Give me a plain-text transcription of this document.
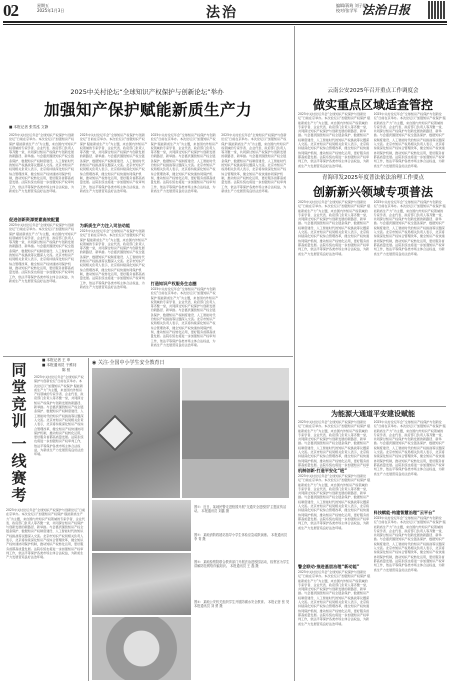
02	星期五
2025年1月3日	法治	编辑/蒋筠 刘子阳
校对/张学军 法治日报
2025中关村论坛“全球知识产权保护与创新论坛”举办
加强知产保护赋能新质生产力
■ 本报记者 张雪泓 文静
2025中关村论坛年会“全球知识产权保护与创新论坛”日前在京举办。本次论坛以“加强知识产权保护 赋能新质生产力”为主题，来自国内外知识产权领域的专家学者、企业代表、政府部门负责人等齐聚一堂，共同探讨知识产权保护与创新发展的新路径、新举措。与会嘉宾围绕知识产权全链条保护、数据知识产权制度建设、人工智能时代的知识产权挑战等议题深入交流。北京市知识产权局相关负责人表示，北京将持续深化知识产权综合管理改革，健全知识产权快速协同保护机制，推动知识产权转化运用，更好服务首都高质量发展。法院系统也将进一步加强知识产权审判工作，依法平等保护各类市场主体合法权益，为新质生产力发展营造良好法治环境。
促进创新资源要素高效配置
2025中关村论坛年会“全球知识产权保护与创新论坛”日前在京举办。本次论坛以“加强知识产权保护 赋能新质生产力”为主题，来自国内外知识产权领域的专家学者、企业代表、政府部门负责人等齐聚一堂，共同探讨知识产权保护与创新发展的新路径、新举措。与会嘉宾围绕知识产权全链条保护、数据知识产权制度建设、人工智能时代的知识产权挑战等议题深入交流。北京市知识产权局相关负责人表示，北京将持续深化知识产权综合管理改革，健全知识产权快速协同保护机制，推动知识产权转化运用，更好服务首都高质量发展。法院系统也将进一步加强知识产权审判工作，依法平等保护各类市场主体合法权益，为新质生产力发展营造良好法治环境。
2025中关村论坛年会“全球知识产权保护与创新论坛”日前在京举办。本次论坛以“加强知识产权保护 赋能新质生产力”为主题，来自国内外知识产权领域的专家学者、企业代表、政府部门负责人等齐聚一堂，共同探讨知识产权保护与创新发展的新路径、新举措。与会嘉宾围绕知识产权全链条保护、数据知识产权制度建设、人工智能时代的知识产权挑战等议题深入交流。北京市知识产权局相关负责人表示，北京将持续深化知识产权综合管理改革，健全知识产权快速协同保护机制，推动知识产权转化运用，更好服务首都高质量发展。法院系统也将进一步加强知识产权审判工作，依法平等保护各类市场主体合法权益，为新质生产力发展营造良好法治环境。
为新质生产力注入司法动能
2025中关村论坛年会“全球知识产权保护与创新论坛”日前在京举办。本次论坛以“加强知识产权保护 赋能新质生产力”为主题，来自国内外知识产权领域的专家学者、企业代表、政府部门负责人等齐聚一堂，共同探讨知识产权保护与创新发展的新路径、新举措。与会嘉宾围绕知识产权全链条保护、数据知识产权制度建设、人工智能时代的知识产权挑战等议题深入交流。北京市知识产权局相关负责人表示，北京将持续深化知识产权综合管理改革，健全知识产权快速协同保护机制，推动知识产权转化运用，更好服务首都高质量发展。法院系统也将进一步加强知识产权审判工作，依法平等保护各类市场主体合法权益，为新质生产力发展营造良好法治环境。
2025中关村论坛年会“全球知识产权保护与创新论坛”日前在京举办。本次论坛以“加强知识产权保护 赋能新质生产力”为主题，来自国内外知识产权领域的专家学者、企业代表、政府部门负责人等齐聚一堂，共同探讨知识产权保护与创新发展的新路径、新举措。与会嘉宾围绕知识产权全链条保护、数据知识产权制度建设、人工智能时代的知识产权挑战等议题深入交流。北京市知识产权局相关负责人表示，北京将持续深化知识产权综合管理改革，健全知识产权快速协同保护机制，推动知识产权转化运用，更好服务首都高质量发展。法院系统也将进一步加强知识产权审判工作，依法平等保护各类市场主体合法权益，为新质生产力发展营造良好法治环境。
打造知识产权服务生态圈
2025中关村论坛年会“全球知识产权保护与创新论坛”日前在京举办。本次论坛以“加强知识产权保护 赋能新质生产力”为主题，来自国内外知识产权领域的专家学者、企业代表、政府部门负责人等齐聚一堂，共同探讨知识产权保护与创新发展的新路径、新举措。与会嘉宾围绕知识产权全链条保护、数据知识产权制度建设、人工智能时代的知识产权挑战等议题深入交流。北京市知识产权局相关负责人表示，北京将持续深化知识产权综合管理改革，健全知识产权快速协同保护机制，推动知识产权转化运用，更好服务首都高质量发展。法院系统也将进一步加强知识产权审判工作，依法平等保护各类市场主体合法权益，为新质生产力发展营造良好法治环境。
2025中关村论坛年会“全球知识产权保护与创新论坛”日前在京举办。本次论坛以“加强知识产权保护 赋能新质生产力”为主题，来自国内外知识产权领域的专家学者、企业代表、政府部门负责人等齐聚一堂，共同探讨知识产权保护与创新发展的新路径、新举措。与会嘉宾围绕知识产权全链条保护、数据知识产权制度建设、人工智能时代的知识产权挑战等议题深入交流。北京市知识产权局相关负责人表示，北京将持续深化知识产权综合管理改革，健全知识产权快速协同保护机制，推动知识产权转化运用，更好服务首都高质量发展。法院系统也将进一步加强知识产权审判工作，依法平等保护各类市场主体合法权益，为新质生产力发展营造良好法治环境。
■ 本报记者 王 申
■ 本报通讯员 于维钊
陈 恒
同
堂
竞
训
一
线
赛
考
2025中关村论坛年会“全球知识产权保护与创新论坛”日前在京举办。本次论坛以“加强知识产权保护 赋能新质生产力”为主题，来自国内外知识产权领域的专家学者、企业代表、政府部门负责人等齐聚一堂，共同探讨知识产权保护与创新发展的新路径、新举措。与会嘉宾围绕知识产权全链条保护、数据知识产权制度建设、人工智能时代的知识产权挑战等议题深入交流。北京市知识产权局相关负责人表示，北京将持续深化知识产权综合管理改革，健全知识产权快速协同保护机制，推动知识产权转化运用，更好服务首都高质量发展。法院系统也将进一步加强知识产权审判工作，依法平等保护各类市场主体合法权益，为新质生产力发展营造良好法治环境。
2025中关村论坛年会“全球知识产权保护与创新论坛”日前在京举办。本次论坛以“加强知识产权保护 赋能新质生产力”为主题，来自国内外知识产权领域的专家学者、企业代表、政府部门负责人等齐聚一堂，共同探讨知识产权保护与创新发展的新路径、新举措。与会嘉宾围绕知识产权全链条保护、数据知识产权制度建设、人工智能时代的知识产权挑战等议题深入交流。北京市知识产权局相关负责人表示，北京将持续深化知识产权综合管理改革，健全知识产权快速协同保护机制，推动知识产权转化运用，更好服务首都高质量发展。法院系统也将进一步加强知识产权审判工作，依法平等保护各类市场主体合法权益，为新质生产力发展营造良好法治环境。
◉ 关注·全国中小学生安全教育日
图①：近日，某地民警走进校园开展“交通安全进校园”主题宣传活动。 本报通讯员 刘鑫 摄
图②：某地消防救援站指导小学生体验应急疏散演练。 本报通讯员 李 青 摄
图③：某地检察院联合教育部门开展法治进校园活动，检察官为学生讲解防范网络诈骗知识。 本报通讯员 王 磊 摄
图④：某地公安机关组织学生开展防溺水安全教育。 本报记者 张 昊 本报通讯员 刘 勇 摄
云南公安2025年召开重点工作调度会
做实重点区域适查管控
2025中关村论坛年会“全球知识产权保护与创新论坛”日前在京举办。本次论坛以“加强知识产权保护 赋能新质生产力”为主题，来自国内外知识产权领域的专家学者、企业代表、政府部门负责人等齐聚一堂，共同探讨知识产权保护与创新发展的新路径、新举措。与会嘉宾围绕知识产权全链条保护、数据知识产权制度建设、人工智能时代的知识产权挑战等议题深入交流。北京市知识产权局相关负责人表示，北京将持续深化知识产权综合管理改革，健全知识产权快速协同保护机制，推动知识产权转化运用，更好服务首都高质量发展。法院系统也将进一步加强知识产权审判工作，依法平等保护各类市场主体合法权益，为新质生产力发展营造良好法治环境。
2025中关村论坛年会“全球知识产权保护与创新论坛”日前在京举办。本次论坛以“加强知识产权保护 赋能新质生产力”为主题，来自国内外知识产权领域的专家学者、企业代表、政府部门负责人等齐聚一堂，共同探讨知识产权保护与创新发展的新路径、新举措。与会嘉宾围绕知识产权全链条保护、数据知识产权制度建设、人工智能时代的知识产权挑战等议题深入交流。北京市知识产权局相关负责人表示，北京将持续深化知识产权综合管理改革，健全知识产权快速协同保护机制，推动知识产权转化运用，更好服务首都高质量发展。法院系统也将进一步加强知识产权审判工作，依法平等保护各类市场主体合法权益，为新质生产力发展营造良好法治环境。
青海印发2025年度普法依法治理工作要点
创新新兴领域专项普法
2025中关村论坛年会“全球知识产权保护与创新论坛”日前在京举办。本次论坛以“加强知识产权保护 赋能新质生产力”为主题，来自国内外知识产权领域的专家学者、企业代表、政府部门负责人等齐聚一堂，共同探讨知识产权保护与创新发展的新路径、新举措。与会嘉宾围绕知识产权全链条保护、数据知识产权制度建设、人工智能时代的知识产权挑战等议题深入交流。北京市知识产权局相关负责人表示，北京将持续深化知识产权综合管理改革，健全知识产权快速协同保护机制，推动知识产权转化运用，更好服务首都高质量发展。法院系统也将进一步加强知识产权审判工作，依法平等保护各类市场主体合法权益，为新质生产力发展营造良好法治环境。
2025中关村论坛年会“全球知识产权保护与创新论坛”日前在京举办。本次论坛以“加强知识产权保护 赋能新质生产力”为主题，来自国内外知识产权领域的专家学者、企业代表、政府部门负责人等齐聚一堂，共同探讨知识产权保护与创新发展的新路径、新举措。与会嘉宾围绕知识产权全链条保护、数据知识产权制度建设、人工智能时代的知识产权挑战等议题深入交流。北京市知识产权局相关负责人表示，北京将持续深化知识产权综合管理改革，健全知识产权快速协同保护机制，推动知识产权转化运用，更好服务首都高质量发展。法院系统也将进一步加强知识产权审判工作，依法平等保护各类市场主体合法权益，为新质生产力发展营造良好法治环境。
为能源大通道平安建设赋能
2025中关村论坛年会“全球知识产权保护与创新论坛”日前在京举办。本次论坛以“加强知识产权保护 赋能新质生产力”为主题，来自国内外知识产权领域的专家学者、企业代表、政府部门负责人等齐聚一堂，共同探讨知识产权保护与创新发展的新路径、新举措。与会嘉宾围绕知识产权全链条保护、数据知识产权制度建设、人工智能时代的知识产权挑战等议题深入交流。北京市知识产权局相关负责人表示，北京将持续深化知识产权综合管理改革，健全知识产权快速协同保护机制，推动知识产权转化运用，更好服务首都高质量发展。法院系统也将进一步加强知识产权审
机制创新·打造平安化“班”
2025中关村论坛年会“全球知识产权保护与创新论坛”日前在京举办。本次论坛以“加强知识产权保护 赋能新质生产力”为主题，来自国内外知识产权领域的专家学者、企业代表、政府部门负责人等齐聚一堂，共同探讨知识产权保护与创新发展的新路径、新举措。与会嘉宾围绕知识产权全链条保护、数据知识产权制度建设、人工智能时代的知识产权挑战等议题深入交流。北京市知识产权局相关负责人表示，北京将持续深化知识产权综合管理改革，健全知识产权快速协同保护机制，推动知识产权转化运用，更好服务首都高质量发展。法院系统也将进一步加强知识产权审判工作，依法平等保护各类市场主体合法权益，为新质生产力发展营造良好法治环境。
警企联动·推进基层治理“新动能”
2025中关村论坛年会“全球知识产权保护与创新论坛”日前在京举办。本次论坛以“加强知识产权保护 赋能新质生产力”为主题，来自国内外知识产权领域的专家学者、企业代表、政府部门负责人等齐聚一堂，共同探讨知识产权保护与创新发展的新路径、新举措。与会嘉宾围绕知识产权全链条保护、数据知识产权制度建设、人工智能时代的知识产权挑战等议题深入交流。北京市知识产权局相关负责人表示，北京将持续深化知识产权综合管理改革，健全知识产权快速协同保护机制，推动知识产权转化运用，更好服务首都高质量发展。法院系统也将进一步加强知识产权审判工作，依法平等保护各类市场主体合法权益，为新质生产力发展营造良好法治环境。
2025中关村论坛年会“全球知识产权保护与创新论坛”日前在京举办。本次论坛以“加强知识产权保护 赋能新质生产力”为主题，来自国内外知识产权领域的专家学者、企业代表、政府部门负责人等齐聚一堂，共同探讨知识产权保护与创新发展的新路径、新举措。与会嘉宾围绕知识产权全链条保护、数据知识产权制度建设、人工智能时代的知识产权挑战等议题深入交流。北京市知识产权局相关负责人表示，北京将持续深化知识产权综合管理改革，健全知识产权快速协同保护机制，推动知识产权转化运用，更好服务首都高质量发展。法院系统也将进一步加强知识产权审判工作，依法平等保护各类市场主体合法权益，为新质生产力发展营造良好法治环境。
科技赋能·构建智慧治理“云平台”
2025中关村论坛年会“全球知识产权保护与创新论坛”日前在京举办。本次论坛以“加强知识产权保护 赋能新质生产力”为主题，来自国内外知识产权领域的专家学者、企业代表、政府部门负责人等齐聚一堂，共同探讨知识产权保护与创新发展的新路径、新举措。与会嘉宾围绕知识产权全链条保护、数据知识产权制度建设、人工智能时代的知识产权挑战等议题深入交流。北京市知识产权局相关负责人表示，北京将持续深化知识产权综合管理改革，健全知识产权快速协同保护机制，推动知识产权转化运用，更好服务首都高质量发展。法院系统也将进一步加强知识产权审判工作，依法平等保护各类市场主体合法权益，为新质生产力发展营造良好法治环境。
